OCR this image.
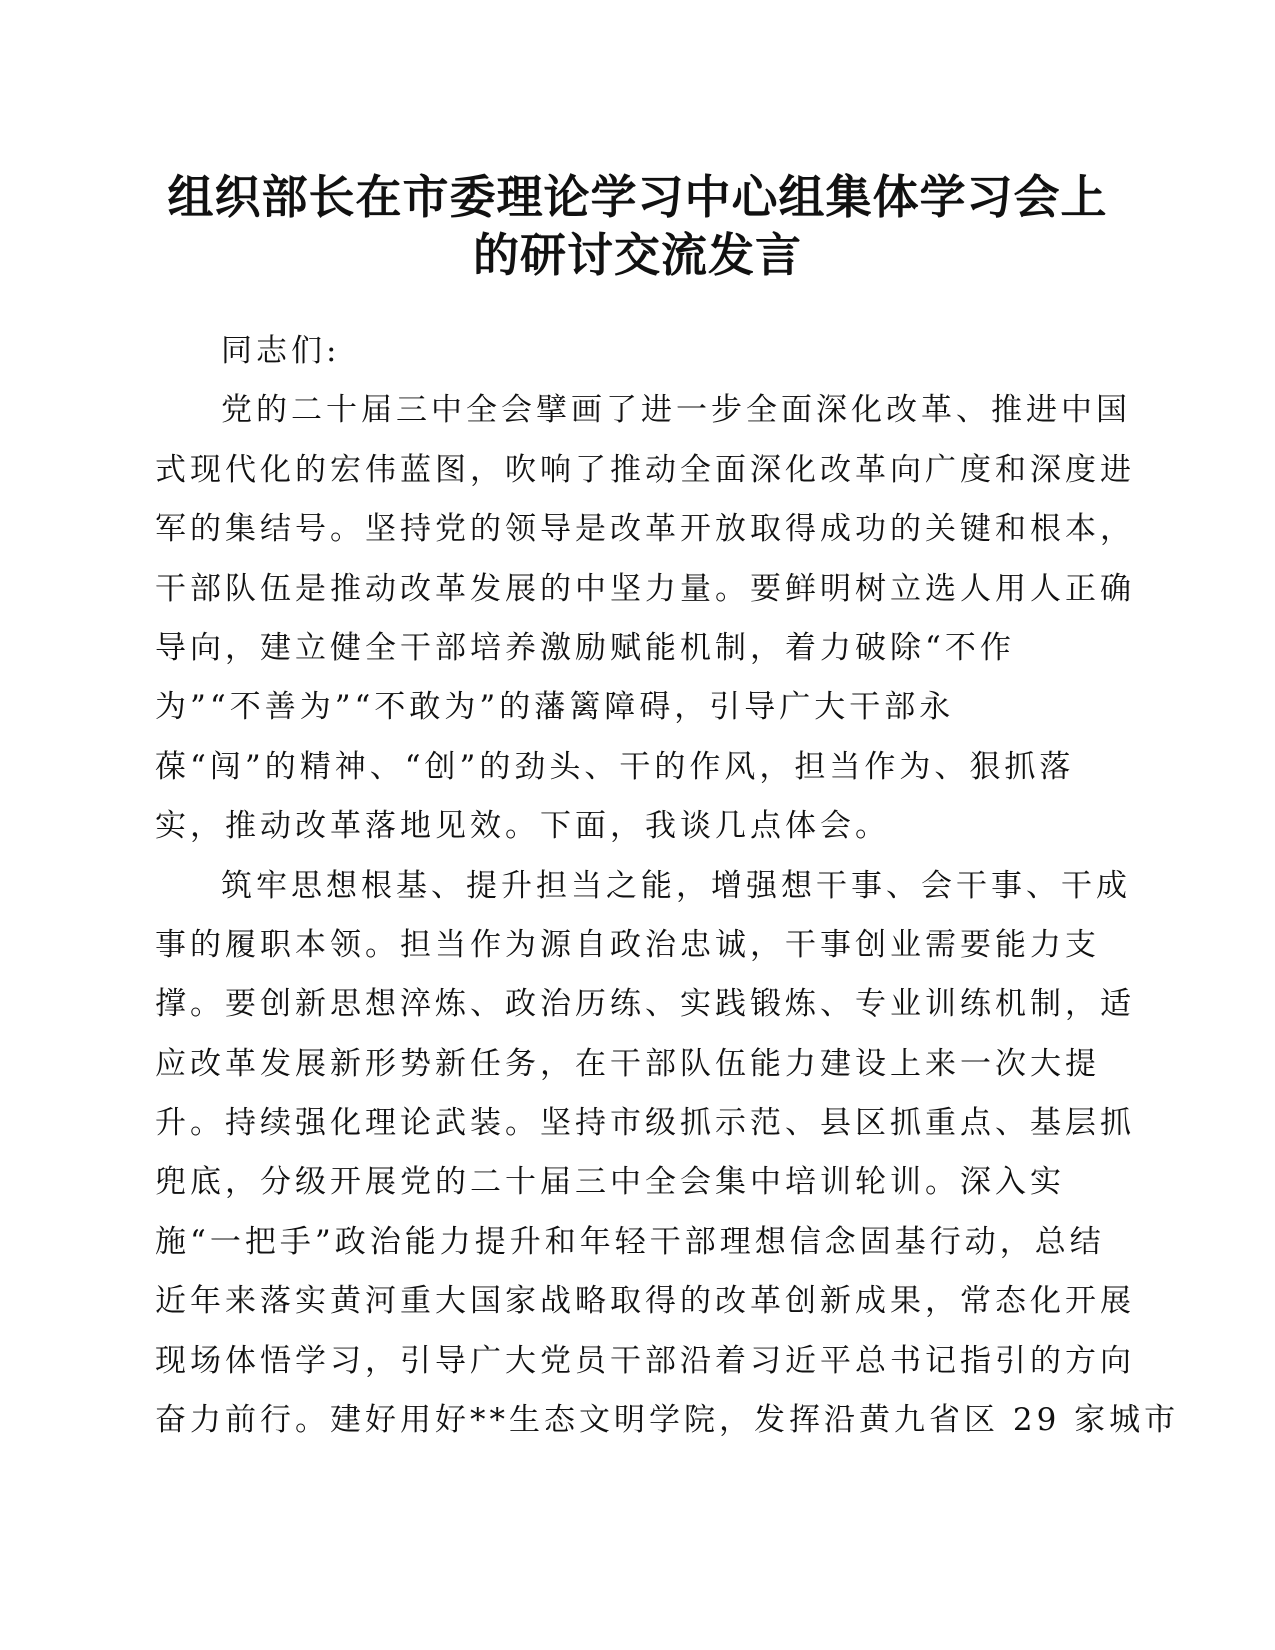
组织部长在市委理论学习中心组集体学习会上
的研讨交流发言
同志们:
党的二十届三中全会擘画了进一步全面深化改革、推进中国
式现代化的宏伟蓝图，吹响了推动全面深化改革向广度和深度进
军的集结号。坚持党的领导是改革开放取得成功的关键和根本，
干部队伍是推动改革发展的中坚力量。要鲜明树立选人用人正确
导向，建立健全干部培养激励赋能机制，着力破除“不作
为”“不善为”“不敢为”的藩篱障碍，引导广大干部永
葆“闯”的精神、“创”的劲头、干的作风，担当作为、狠抓落
实，推动改革落地见效。下面，我谈几点体会。
筑牢思想根基、提升担当之能，增强想干事、会干事、干成
事的履职本领。担当作为源自政治忠诚，干事创业需要能力支
撑。要创新思想淬炼、政治历练、实践锻炼、专业训练机制，适
应改革发展新形势新任务，在干部队伍能力建设上来一次大提
升。持续强化理论武装。坚持市级抓示范、县区抓重点、基层抓
兜底，分级开展党的二十届三中全会集中培训轮训。深入实
施“一把手”政治能力提升和年轻干部理想信念固基行动，总结
近年来落实黄河重大国家战略取得的改革创新成果，常态化开展
现场体悟学习，引导广大党员干部沿着习近平总书记指引的方向
奋力前行。建好用好**生态文明学院，发挥沿黄九省区 29 家城市
